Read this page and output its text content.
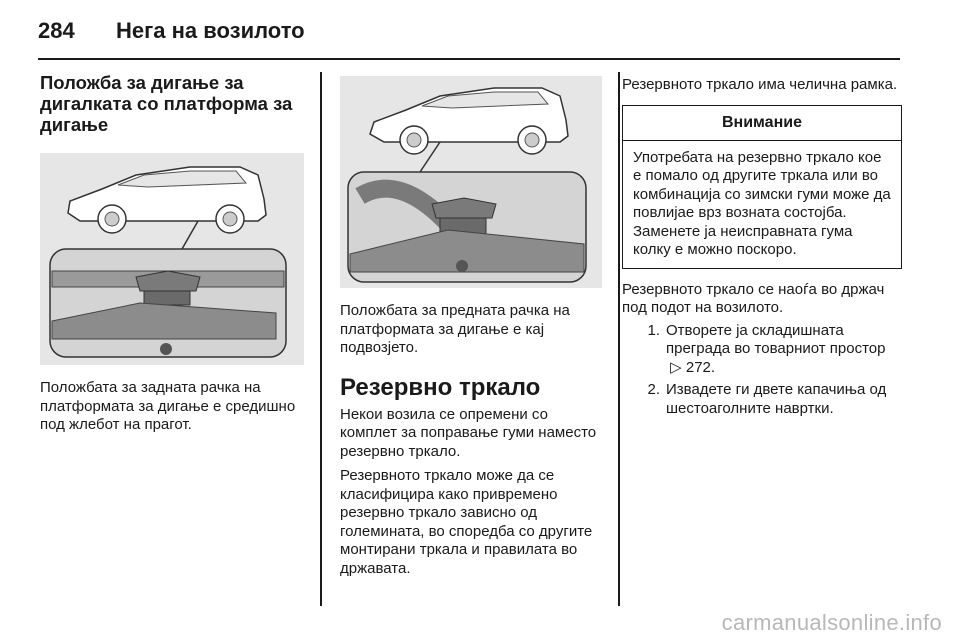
284	Нега на возилото
Положба за дигање за дигалката со платформа за дигање

Положбата за задната рачка на платформата за дигање е средишно под жлебот на прагот.

Положбата за предната рачка на платформата за дигање е кај подвозјето.

Резервно тркало

Некои возила се опремени со комплет за поправање гуми наместо резервно тркало.

Резервното тркало може да се класифицира како привремено резервно тркало зависно од големината, во споредба со другите монтирани тркала и правилата во државата.

Резервното тркало има челична рамка.

Внимание
Употребата на резервно тркало кое е помало од другите тркала или во комбинација со зимски гуми може да повлијае врз возната состојба. Заменете ја неисправната гума колку е можно поскоро.

Резервното тркало се наоѓа во држач под подот на возилото.

1. Отворете ја складишната преграда во товарниот простор  ▷ 272.
2. Извадете ги двете капачиња од шестоаголните навртки.
carmanualsonline.info
